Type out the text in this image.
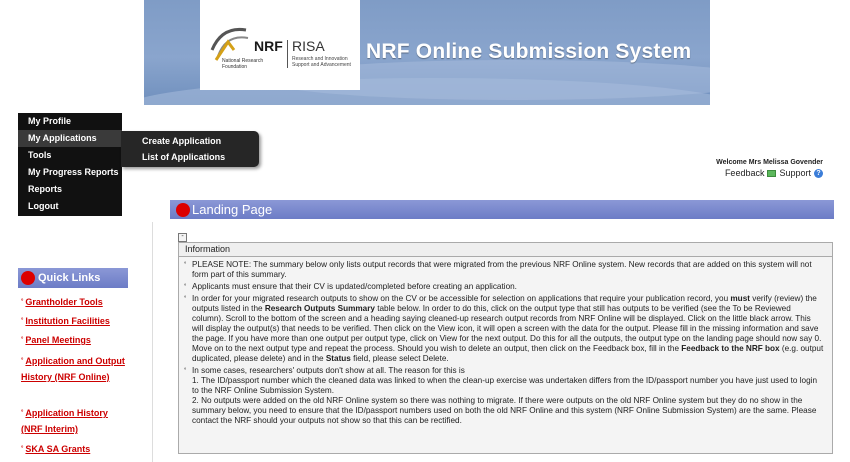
NRF
National Research Foundation
RISA
Research and Innovation Support and Advancement
NRF Online Submission System
My Profile
My Applications
Tools
My Progress Reports
Reports
Logout
Create Application
List of Applications
Welcome Mrs Melissa Govender
Feedback Support ?
Landing Page
-
Information
° PLEASE NOTE: The summary below only lists output records that were migrated from the previous NRF Online system. New records that are added on this system will not form part of this summary.

° Applicants must ensure that their CV is updated/completed before creating an application.

° In order for your migrated research outputs to show on the CV or be accessible for selection on applications that require your publication record, you must verify (review) the outputs listed in the Research Outputs Summary table below. In order to do this, click on the output type that still has outputs to be verified (see the To be Reviewed column). Scroll to the bottom of the screen and a heading saying cleaned-up research output records from NRF Online will be displayed. Click on the little black arrow. This will display the output(s) that needs to be verified. Then click on the View icon, it will open a screen with the data for the output. Please fill in the missing information and save the page. If you have more than one output per output type, click on View for the next output. Do this for all the outputs, the output type on the landing page should now say 0. Move on to the next output type and repeat the process. Should you wish to delete an output, then click on the Feedback box, fill in the Feedback to the NRF box (e.g. output duplicated, please delete) and in the Status field, please select Delete.

° In some cases, researchers' outputs don't show at all. The reason for this is
1. The ID/passport number which the cleaned data was linked to when the clean-up exercise was undertaken differs from the ID/passport number you have just used to login to the NRF Online Submission System.
2. No outputs were added on the old NRF Online system so there was nothing to migrate. If there were outputs on the old NRF Online system but they do no show in the summary below, you need to ensure that the ID/passport numbers used on both the old NRF Online and this system (NRF Online Submission System) are the same. Please contact the NRF should your outputs not show so that this can be rectified.

Quick Links
° Grantholder Tools
° Institution Facilities
° Panel Meetings
° Application and Output History (NRF Online)
° Application History (NRF Interim)
° SKA SA Grants
